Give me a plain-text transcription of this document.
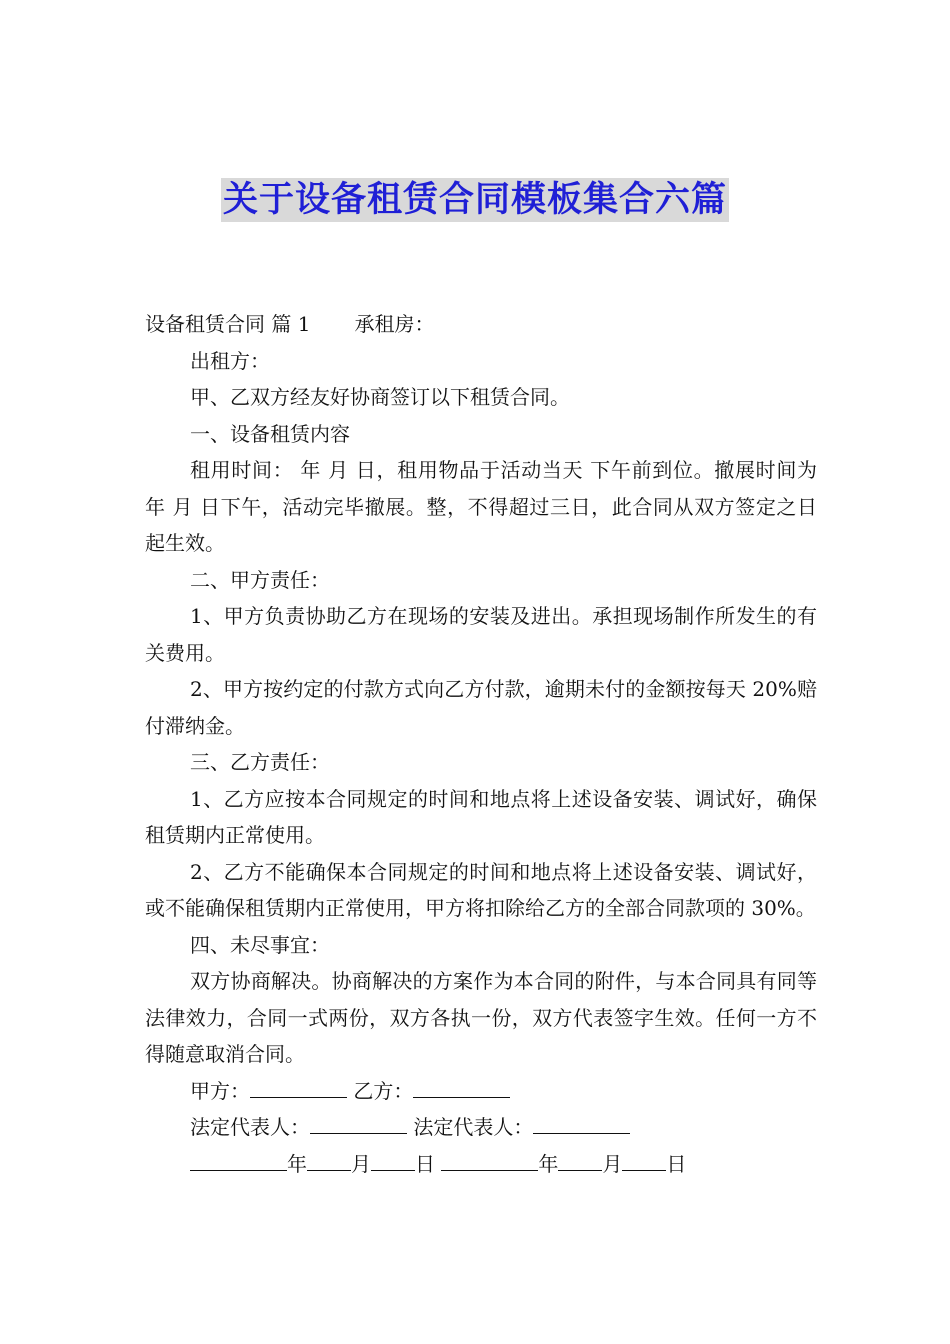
关于设备租赁合同模板集合六篇

设备租赁合同 篇 1 承租房：

出租方：

甲、乙双方经友好协商签订以下租赁合同。

一、设备租赁内容

租用时间： 年 月 日，租用物品于活动当天 下午前到位。撤展时间为 年 月 日下午，活动完毕撤展。整，不得超过三日，此合同从双方签定之日起生效。

二、甲方责任：

1、甲方负责协助乙方在现场的安装及进出。承担现场制作所发生的有关费用。

2、甲方按约定的付款方式向乙方付款，逾期未付的金额按每天 20%赔付滞纳金。

三、乙方责任：

1、乙方应按本合同规定的时间和地点将上述设备安装、调试好，确保租赁期内正常使用。

2、乙方不能确保本合同规定的时间和地点将上述设备安装、调试好，或不能确保租赁期内正常使用，甲方将扣除给乙方的全部合同款项的 30%。

四、未尽事宜：

双方协商解决。协商解决的方案作为本合同的附件，与本合同具有同等法律效力，合同一式两份，双方各执一份，双方代表签字生效。任何一方不得随意取消合同。

甲方：	乙方：

法定代表人：	法定代表人：

年 月 日	年 月 日
